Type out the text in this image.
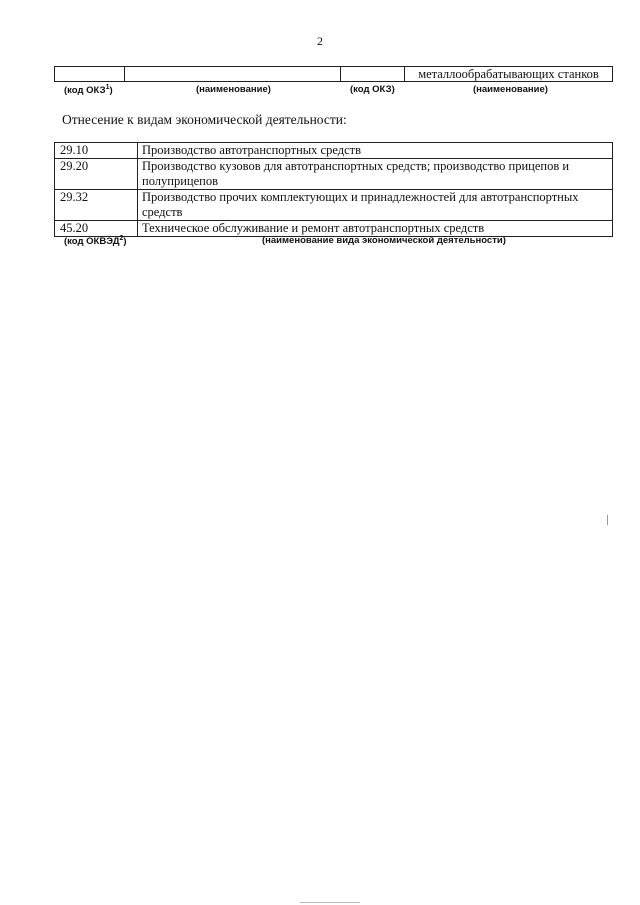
2
			металлообрабатывающих станков
(код ОКЗ$^1$)	(наименование)	(код ОКЗ)	(наименование)
Отнесение к видам экономической деятельности:
29.10	Производство автотранспортных средств
29.20	Производство кузовов для автотранспортных средств; производство прицепов и полуприцепов
29.32	Производство прочих комплектующих и принадлежностей для автотранспортных средств
45.20	Техническое обслуживание и ремонт автотранспортных средств
(код ОКВЭД$^2$)	(наименование вида экономической деятельности)
